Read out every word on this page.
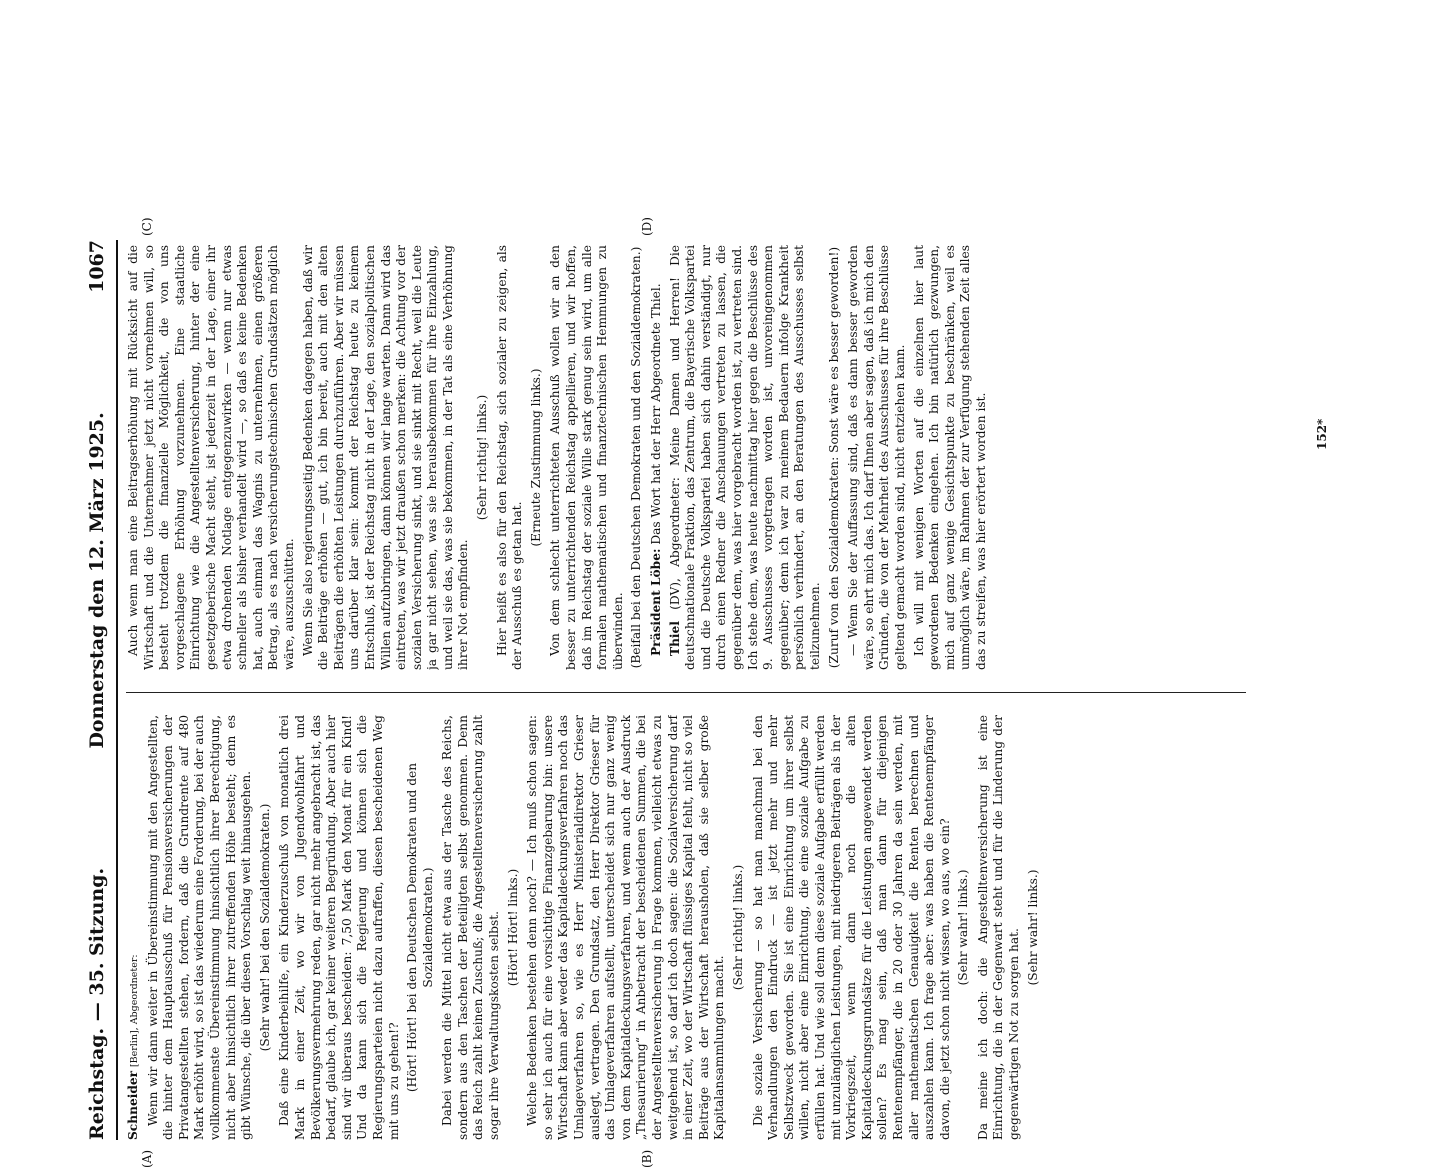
Reichstag. — 35. Sitzung.
Donnerstag den 12. März 1925.
1067
(A)	(B)
(C)	(D)

Schneider [Berlin], Abgeordneter: Wenn wir dann weiter in Übereinstimmung mit den Angestellten, die hinter dem Hauptausschuß für Pensionsversicherungen der Privatangestellten stehen, fordern, daß die Grundrente auf 480 Mark erhöht wird, so ist das wiederum eine Forderung, bei der auch vollkommenste Übereinstimmung hinsichtlich ihrer Berechtigung, nicht aber hinsichtlich ihrer zutreffenden Höhe besteht; denn es gibt Wünsche, die über diesen Vorschlag weit hinausgehen. (Sehr wahr! bei den Sozialdemokraten.) Daß eine Kinderbeihilfe, ein Kinderzuschuß von monatlich drei Mark in einer Zeit, wo wir von Jugendwohlfahrt und Bevölkerungsvermehrung reden, gar nicht mehr angebracht ist, das bedarf, glaube ich, gar keiner weiteren Begründung. Aber auch hier sind wir überaus bescheiden: 7,50 Mark den Monat für ein Kind! Und da kann sich die Regierung und können sich die Regierungsparteien nicht dazu aufraffen, diesen bescheidenen Weg mit uns zu gehen!? (Hört! Hört! bei den Deutschen Demokraten und den Sozialdemokraten.) Dabei werden die Mittel nicht etwa aus der Tasche des Reichs, sondern aus den Taschen der Beteiligten selbst genommen. Denn das Reich zahlt keinen Zuschuß; die Angestelltenversicherung zahlt sogar ihre Verwaltungskosten selbst. (Hört! Hört! links.) Welche Bedenken bestehen denn noch? — Ich muß schon sagen: so sehr ich auch für eine vorsichtige Finanzgebarung bin: unsere Wirtschaft kann aber weder das Kapitaldeckungsverfahren noch das Umlageverfahren so, wie es Herr Ministerialdirektor Grieser auslegt, vertragen. Den Grundsatz, den Herr Direktor Grieser für das Umlageverfahren aufstellt, unterscheidet sich nur ganz wenig von dem Kapitaldeckungsverfahren, und wenn auch der Ausdruck „Thesaurierung“ in Anbetracht der bescheidenen Summen, die bei der Angestelltenversicherung in Frage kommen, vielleicht etwas zu weitgehend ist, so darf ich doch sagen: die Sozialversicherung darf in einer Zeit, wo der Wirtschaft flüssiges Kapital fehlt, nicht so viel Beiträge aus der Wirtschaft herausholen, daß sie selber große Kapitalansammlungen macht.

(Sehr richtig! links.) Die soziale Versicherung — so hat man manchmal bei den Verhandlungen den Eindruck — ist jetzt mehr und mehr Selbstzweck geworden. Sie ist eine Einrichtung um ihrer selbst willen, nicht aber eine Einrichtung, die eine soziale Aufgabe zu erfüllen hat. Und wie soll denn diese soziale Aufgabe erfüllt werden mit unzulänglichen Leistungen, mit niedrigeren Beiträgen als in der Vorkriegszeit, wenn dann noch die alten Kapitaldeckungsgrundsätze für die Leistungen angewendet werden sollen? Es mag sein, daß man dann für diejenigen Rentenempfänger, die in 20 oder 30 Jahren da sein werden, mit aller mathematischen Genauigkeit die Renten berechnen und auszahlen kann. Ich frage aber: was haben die Rentenempfänger davon, die jetzt schon nicht wissen, wo aus, wo ein? (Sehr wahr! links.) Da meine ich doch: die Angestelltenversicherung ist eine Einrichtung, die in der Gegenwart steht und für die Linderung der gegenwärtigen Not zu sorgen hat.

(Sehr wahr! links.)

Auch wenn man eine Beitragserhöhung mit Rücksicht auf die Wirtschaft und die Unternehmer jetzt nicht vornehmen will, so besteht trotzdem die finanzielle Möglichkeit, die von uns vorgeschlagene Erhöhung vorzunehmen. Eine staatliche Einrichtung wie die Angestelltenversicherung, hinter der eine gesetzgeberische Macht steht, ist jederzeit in der Lage, einer ihr etwa drohenden Notlage entgegenzuwirken — wenn nur etwas schneller als bisher verhandelt wird —, so daß es keine Bedenken hat, auch einmal das Wagnis zu unternehmen, einen größeren Betrag, als es nach versicherungstechnischen Grundsätzen möglich wäre, auszuschütten. Wenn Sie also regierungsseitig Bedenken dagegen haben, daß wir die Beiträge erhöhen — gut, ich bin bereit, auch mit den alten Beiträgen die erhöhten Leistungen durchzuführen. Aber wir müssen uns darüber klar sein: kommt der Reichstag heute zu keinem Entschluß, ist der Reichstag nicht in der Lage, den sozialpolitischen Willen aufzubringen, dann können wir lange warten. Dann wird das eintreten, was wir jetzt draußen schon merken: die Achtung vor der sozialen Versicherung sinkt, und sie sinkt mit Recht, weil die Leute ja gar nicht sehen, was sie herausbekommen für ihre Einzahlung, und weil sie das, was sie bekommen, in der Tat als eine Verhöhnung ihrer Not empfinden.

(Sehr richtig! links.) Hier heißt es also für den Reichstag, sich sozialer zu zeigen, als der Ausschuß es getan hat.

(Erneute Zustimmung links.) Von dem schlecht unterrichteten Ausschuß wollen wir an den besser zu unterrichtenden Reichstag appellieren, und wir hoffen, daß im Reichstag der soziale Wille stark genug sein wird, um alle formalen mathematischen und finanztechnischen Hemmungen zu überwinden. (Beifall bei den Deutschen Demokraten und den Sozialdemokraten.) Präsident Löbe: Das Wort hat der Herr Abgeordnete Thiel.

Thiel (DV), Abgeordneter: Meine Damen und Herren! Die deutschnationale Fraktion, das Zentrum, die Bayerische Volkspartei und die Deutsche Volkspartei haben sich dahin verständigt, nur durch einen Redner die Anschauungen vertreten zu lassen, die gegenüber dem, was hier vorgebracht worden ist, zu vertreten sind. Ich stehe dem, was heute nachmittag hier gegen die Beschlüsse des 9. Ausschusses vorgetragen worden ist, unvoreingenommen gegenüber; denn ich war zu meinem Bedauern infolge Krankheit persönlich verhindert, an den Beratungen des Ausschusses selbst teilzunehmen. (Zuruf von den Sozialdemokraten: Sonst wäre es besser geworden!) — Wenn Sie der Auffassung sind, daß es dann besser geworden wäre, so ehrt mich das. Ich darf Ihnen aber sagen, daß ich mich den Gründen, die von der Mehrheit des Ausschusses für ihre Beschlüsse geltend gemacht worden sind, nicht entziehen kann. Ich will mit wenigen Worten auf die einzelnen hier laut gewordenen Bedenken eingehen. Ich bin natürlich gezwungen, mich auf ganz wenige Gesichtspunkte zu beschränken, weil es unmöglich wäre, im Rahmen der zur Verfügung stehenden Zeit alles das zu streifen, was hier erörtert worden ist.	152*
